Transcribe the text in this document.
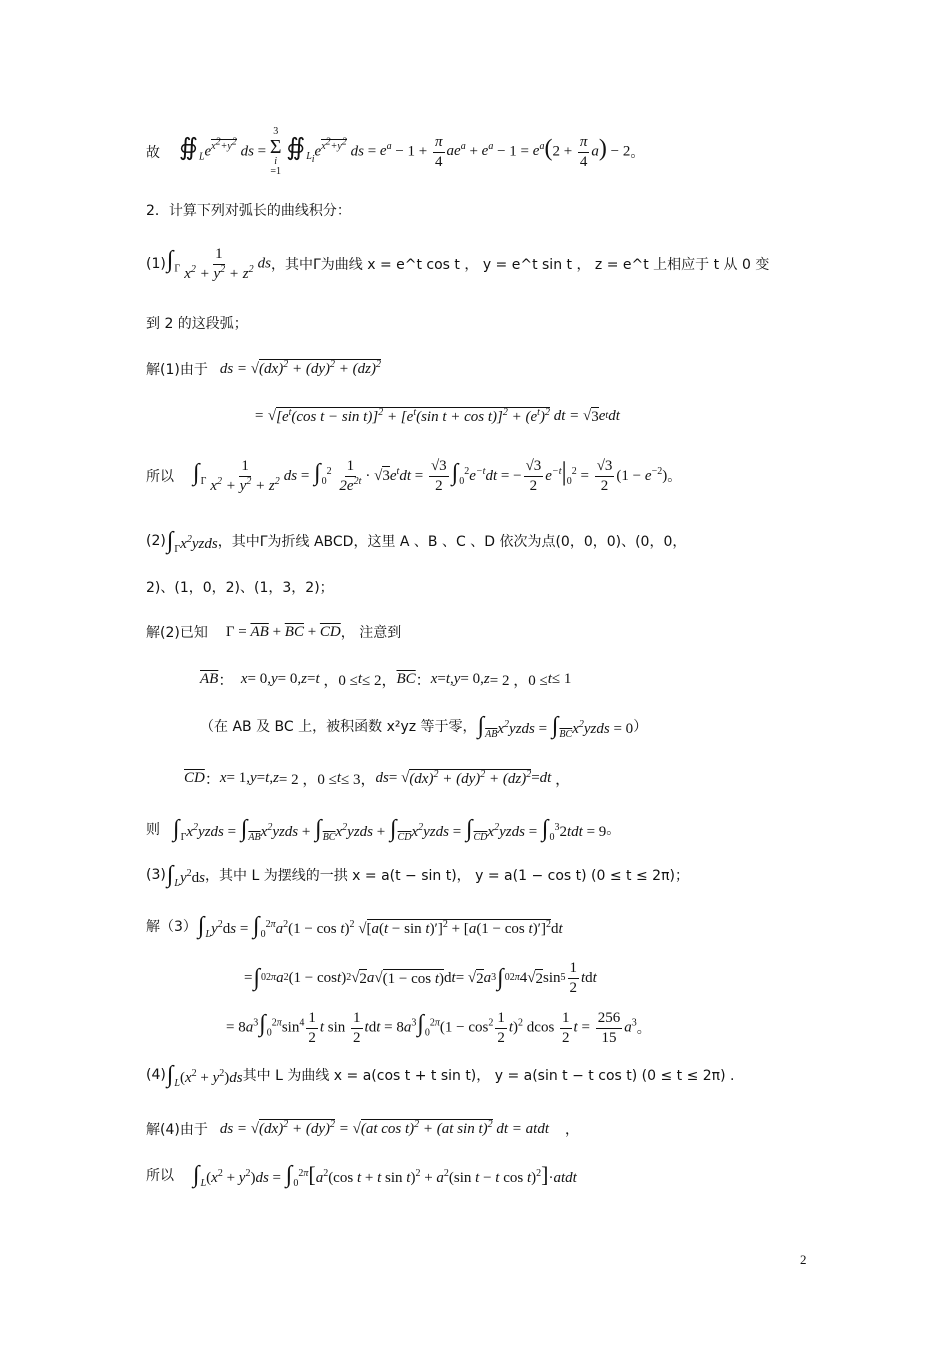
故 $∯_Le^{x^2+y^2}$ ds =
3
Σ
i
=1
$∯_{L_i}e^{x^2+y^2}$ ds = $e^a - 1 + \frac{\pi}{4} ae^a + e^a - 1 = e^a(2 + \frac{\pi}{4} a) - 2$ 。
2．计算下列对弧长的曲线积分：
(1) $\int_\Gamma \frac{1}{x^2 + y^2 + z^2}$ ds ，其中Γ为曲线 x = e^t cos t ， y = e^t sin t ， z = e^t 上相应于 t 从 0 变
到 2 的这段弧；
解(1)由于 ds = √(dx)$^2$ + (dy)$^2$ + (dz)$^2$
= √ [$e^t(\cos$ $t - \sin t)]^2 + [e^t(\sin$ $t + \cos t)]^2 + (e^t)^2$ dt = √ 3 e t dt
所以 $\int_\Gamma \frac{1}{x^2 + y^2 + z^2}$ ds = $\int_0^2 \frac{1}{2e^{2t}} \cdot √3e^tdt = \frac{√3}{2} \int_0^2e^{-t}dt$ = − $\frac{√3}{2} e^{-t}|_0^2 = \frac{√3}{2} (1 - e^{-2})$ 。
(2) $\int_\Gamma x^2yzds$ ，其中Γ为折线 ABCD，这里 A 、B 、C 、D 依次为点(0，0，0)、(0，0，
2)、(1，0，2)、(1，3，2)；
解(2)已知 $\Gamma = \overline{AB} + \overline{BC} + \overline{CD}$ ， 注意到
$\overline{AB}$ ： x = 0, y = 0, z = t ，0 ≤ t ≤ 2， $\overline{BC}$ ： x = t , y = 0, z = 2 ，0 ≤ t ≤ 1
（在 AB 及 BC 上，被积函数 x²yz 等于零， $\int_{\overline{AB}}x^2yzds$ = $\int_{\overline{BC}}x^2yzds = 0$ ）
$\overline{CD}$ ： x = 1, y = t , z = 2 ，0 ≤ t ≤ 3， ds = √ (dx)$^2$ + (dy)$^2$ + (dz)$^2$ = dt ，
则 $\int_\Gamma x^2yzds$ = $\int_{\overline{AB}}x^2yzds$ + $\int_{\overline{BC}}x^2yzds$ + $\int_{\overline{CD}}x^2yzds$ = $\int_{\overline{CD}}x^2yzds = \int_0^32tdt = 9$ 。
(3) $\int_Ly^2ds$ ，其中 L 为摆线的一拱 x = a(t − sin t)， y = a(1 − cos t) (0 ≤ t ≤ 2π)；
解（3） $\int_Ly^2ds = \int_0^{2\pi}a^2(1 - \cos t)^2$ $√[a(t - \sin t)']^2 + [a(1 - \cos t)']^2dt$
= ∫ 0 2π a 2 (1 − cos t ) 2 √ 2 a √ (1 − cos t) d t = √ 2 a 3 ∫ 0 2π 4√ 2 $\sin 5 \frac{1}{2}$ t d t
= $8a^3\int_0^{2\pi}\sin^4 \frac{1}{2}$ t $\sin \frac{1}{2}$ tdt = $8a^3\int_0^{2\pi}(1 - \cos^2 \frac{1}{2} t)^2$ dcos $\frac{1}{2}$ $t = \frac{256}{15} a^3$ 。
(4) $\int_L(x^2 + y^2)ds$ 其中 L 为曲线 x = a(cos t + t sin t)， y = a(sin t − t cos t) (0 ≤ t ≤ 2π) .
解(4)由于 ds = √(dx)$^2$ + (dy)$^2$ = √(at cos t)$^2$ + (at sin t)$^2$ dt = atdt ，
所以 $\int_L(x^2 + y^2)ds = \int_0^{2\pi}[a^2(\cos$ t + t $\sin t)^2 + a^2(\sin$ t − t cos t)$^2$]·atdt
2
